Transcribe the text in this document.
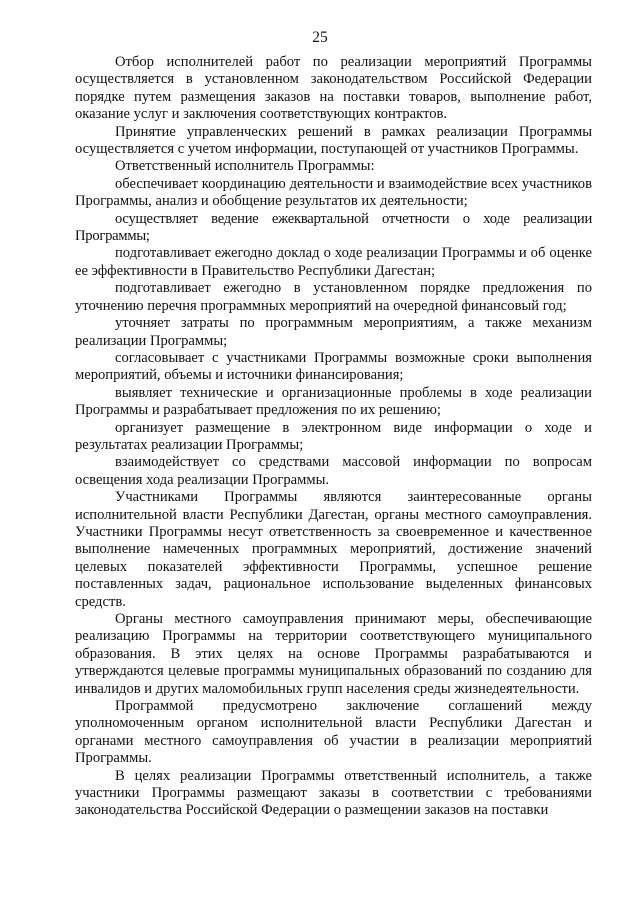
25

Отбор исполнителей работ по реализации мероприятий Программы осуществляется в установленном законодательством Российской Федерации порядке путем размещения заказов на поставки товаров, выполнение работ, оказание услуг и заключения соответствующих контрактов.

Принятие управленческих решений в рамках реализации Программы осуществляется с учетом информации, поступающей от участников Программы.

Ответственный исполнитель Программы:

обеспечивает координацию деятельности и взаимодействие всех участников Программы, анализ и обобщение результатов их деятельности;

осуществляет ведение ежеквартальной отчетности о ходе реализации Программы;

подготавливает ежегодно доклад о ходе реализации Программы и об оценке ее эффективности в Правительство Республики Дагестан;

подготавливает ежегодно в установленном порядке предложения по уточнению перечня программных мероприятий на очередной финансовый год;

уточняет затраты по программным мероприятиям, а также механизм реализации Программы;

согласовывает с участниками Программы возможные сроки выполнения мероприятий, объемы и источники финансирования;

выявляет технические и организационные проблемы в ходе реализации Программы и разрабатывает предложения по их решению;

организует размещение в электронном виде информации о ходе и результатах реализации Программы;

взаимодействует со средствами массовой информации по вопросам освещения хода реализации Программы.

Участниками Программы являются заинтересованные органы исполнительной власти Республики Дагестан, органы местного самоуправления. Участники Программы несут ответственность за своевременное и качественное выполнение намеченных программных мероприятий, достижение значений целевых показателей эффективности Программы, успешное решение поставленных задач, рациональное использование выделенных финансовых средств.

Органы местного самоуправления принимают меры, обеспечивающие реализацию Программы на территории соответствующего муниципального образования. В этих целях на основе Программы разрабатываются и утверждаются целевые программы муниципальных образований по созданию для инвалидов и других маломобильных групп населения среды жизнедеятельности.

Программой предусмотрено заключение соглашений между уполномоченным органом исполнительной власти Республики Дагестан и органами местного самоуправления об участии в реализации мероприятий Программы.

В целях реализации Программы ответственный исполнитель, а также участники Программы размещают заказы в соответствии с требованиями законодательства Российской Федерации о размещении заказов на поставки
